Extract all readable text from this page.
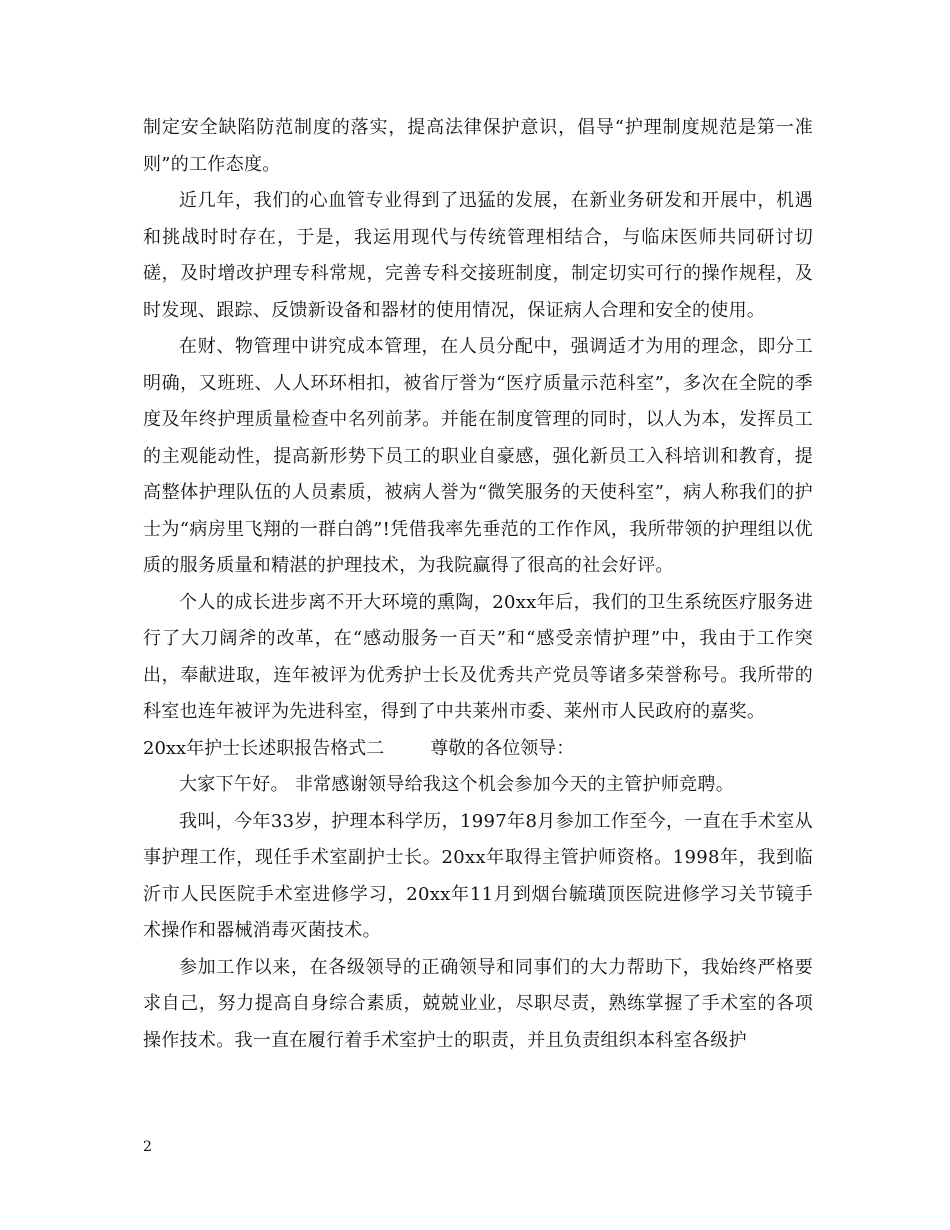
制定安全缺陷防范制度的落实，提高法律保护意识，倡导“护理制度规范是第一准则”的工作态度。

近几年，我们的心血管专业得到了迅猛的发展，在新业务研发和开展中，机遇和挑战时时存在，于是，我运用现代与传统管理相结合，与临床医师共同研讨切磋，及时增改护理专科常规，完善专科交接班制度，制定切实可行的操作规程，及时发现、跟踪、反馈新设备和器材的使用情况，保证病人合理和安全的使用。

在财、物管理中讲究成本管理，在人员分配中，强调适才为用的理念，即分工明确，又班班、人人环环相扣，被省厅誉为“医疗质量示范科室”，多次在全院的季度及年终护理质量检查中名列前茅。并能在制度管理的同时，以人为本，发挥员工的主观能动性，提高新形势下员工的职业自豪感，强化新员工入科培训和教育，提高整体护理队伍的人员素质，被病人誉为“微笑服务的天使科室”，病人称我们的护士为“病房里飞翔的一群白鸽”!凭借我率先垂范的工作作风，我所带领的护理组以优质的服务质量和精湛的护理技术，为我院赢得了很高的社会好评。

个人的成长进步离不开大环境的熏陶，20xx年后，我们的卫生系统医疗服务进行了大刀阔斧的改革，在“感动服务一百天”和“感受亲情护理”中，我由于工作突出，奉献进取，连年被评为优秀护士长及优秀共产党员等诸多荣誉称号。我所带的科室也连年被评为先进科室，得到了中共莱州市委、莱州市人民政府的嘉奖。

20xx年护士长述职报告格式二	尊敬的各位领导：

大家下午好。 非常感谢领导给我这个机会参加今天的主管护师竞聘。

我叫，今年33岁，护理本科学历，1997年8月参加工作至今，一直在手术室从事护理工作，现任手术室副护士长。20xx年取得主管护师资格。1998年，我到临沂市人民医院手术室进修学习，20xx年11月到烟台毓璜顶医院进修学习关节镜手术操作和器械消毒灭菌技术。

参加工作以来，在各级领导的正确领导和同事们的大力帮助下，我始终严格要求自己，努力提高自身综合素质，兢兢业业，尽职尽责，熟练掌握了手术室的各项操作技术。我一直在履行着手术室护士的职责，并且负责组织本科室各级护

2
